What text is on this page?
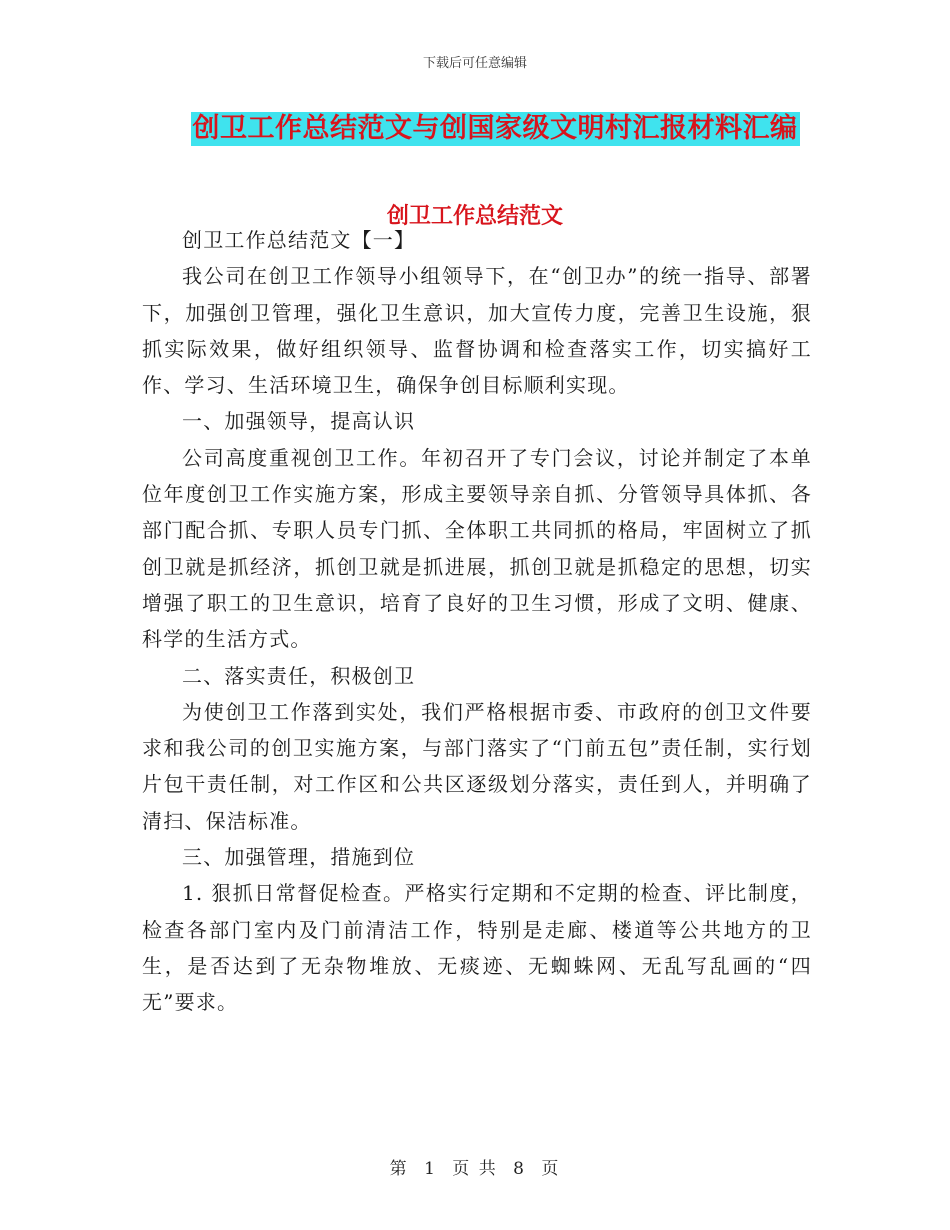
下载后可任意编辑
创卫工作总结范文与创国家级文明村汇报材料汇编
创卫工作总结范文

创卫工作总结范文【一】

我公司在创卫工作领导小组领导下，在“创卫办”的统一指导、部署下，加强创卫管理，强化卫生意识，加大宣传力度，完善卫生设施，狠抓实际效果，做好组织领导、监督协调和检查落实工作，切实搞好工作、学习、生活环境卫生，确保争创目标顺利实现。

一、加强领导，提高认识

公司高度重视创卫工作。年初召开了专门会议，讨论并制定了本单位年度创卫工作实施方案，形成主要领导亲自抓、分管领导具体抓、各部门配合抓、专职人员专门抓、全体职工共同抓的格局，牢固树立了抓创卫就是抓经济，抓创卫就是抓进展，抓创卫就是抓稳定的思想，切实增强了职工的卫生意识，培育了良好的卫生习惯，形成了文明、健康、科学的生活方式。

二、落实责任，积极创卫

为使创卫工作落到实处，我们严格根据市委、市政府的创卫文件要求和我公司的创卫实施方案，与部门落实了“门前五包”责任制，实行划片包干责任制，对工作区和公共区逐级划分落实，责任到人，并明确了清扫、保洁标准。

三、加强管理，措施到位

1. 狠抓日常督促检查。严格实行定期和不定期的检查、评比制度，检查各部门室内及门前清洁工作，特别是走廊、楼道等公共地方的卫生，是否达到了无杂物堆放、无痰迹、无蜘蛛网、无乱写乱画的“四无”要求。

第 1 页 共 8 页
